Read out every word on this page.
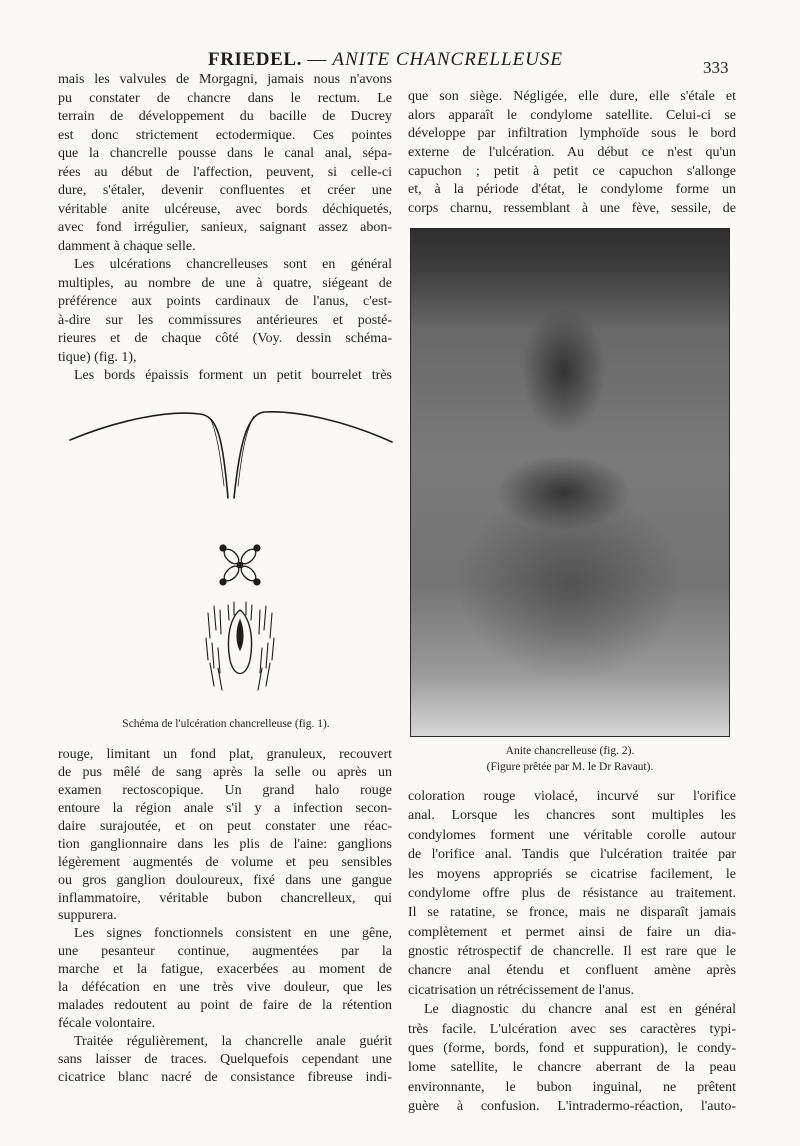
FRIEDEL. — ANITE CHANCRELLEUSE	333
mais les valvules de Morgagni, jamais nous n'avons
pu constater de chancre dans le rectum. Le
terrain de développement du bacille de Ducrey
est donc strictement ectodermique. Ces pointes
que la chancrelle pousse dans le canal anal, sépa-
rées au début de l'affection, peuvent, si celle-ci
dure, s'étaler, devenir confluentes et créer une
véritable anite ulcéreuse, avec bords déchiquetés,
avec fond irrégulier, sanieux, saignant assez abon-
damment à chaque selle.
Les ulcérations chancrelleuses sont en général
multiples, au nombre de une à quatre, siégeant de
préférence aux points cardinaux de l'anus, c'est-
à-dire sur les commissures antérieures et posté-
rieures et de chaque côté (Voy. dessin schéma-
tique) (fig. 1),
Les bords épaissis forment un petit bourrelet très
Schéma de l'ulcération chancrelleuse (fig. 1).
rouge, limitant un fond plat, granuleux, recouvert
de pus mêlé de sang après la selle ou après un
examen rectoscopique. Un grand halo rouge
entoure la région anale s'il y a infection secon-
daire surajoutée, et on peut constater une réac-
tion ganglionnaire dans les plis de l'aine: ganglions
légèrement augmentés de volume et peu sensibles
ou gros ganglion douloureux, fixé dans une gangue
inflammatoire, véritable bubon chancrelleux, qui
suppurera.
Les signes fonctionnels consistent en une gêne,
une pesanteur continue, augmentées par la
marche et la fatigue, exacerbées au moment de
la défécation en une très vive douleur, que les
malades redoutent au point de faire de la rétention
fécale volontaire.
Traitée régulièrement, la chancrelle anale guérit
sans laisser de traces. Quelquefois cependant une
cicatrice blanc nacré de consistance fibreuse indi-
que son siège. Négligée, elle dure, elle s'étale et
alors apparaît le condylome satellite. Celui-ci se
développe par infiltration lymphoïde sous le bord
externe de l'ulcération. Au début ce n'est qu'un
capuchon ; petit à petit ce capuchon s'allonge
et, à la période d'état, le condylome forme un
corps charnu, ressemblant à une fève, sessile, de
Anite chancrelleuse (fig. 2).
(Figure prêtée par M. le Dr Ravaut).
coloration rouge violacé, incurvé sur l'orifice
anal. Lorsque les chancres sont multiples les
condylomes forment une véritable corolle autour
de l'orifice anal. Tandis que l'ulcération traitée par
les moyens appropriés se cicatrise facilement, le
condylome offre plus de résistance au traitement.
Il se ratatine, se fronce, mais ne disparaît jamais
complètement et permet ainsi de faire un dia-
gnostic rétrospectif de chancrelle. Il est rare que le
chancre anal étendu et confluent amène après
cicatrisation un rétrécissement de l'anus.
Le diagnostic du chancre anal est en général
très facile. L'ulcération avec ses caractères typi-
ques (forme, bords, fond et suppuration), le condy-
lome satellite, le chancre aberrant de la peau
environnante, le bubon inguinal, ne prêtent
guère à confusion. L'intradermo-réaction, l'auto-
